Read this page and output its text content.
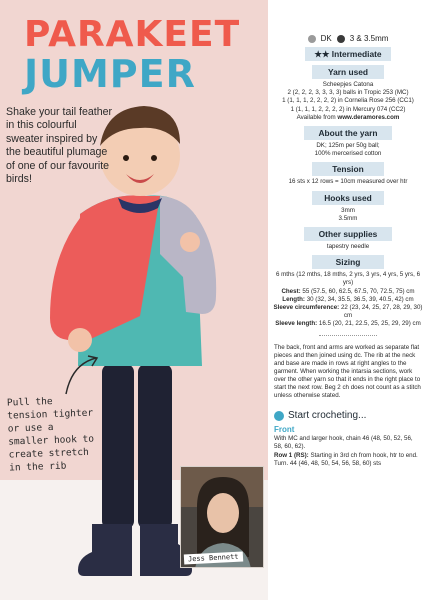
PARAKEET
JUMPER
Shake your tail feather in this colourful sweater inspired by the beautiful plumage of one of our favourite birds!
Pull the tension tighter or use a smaller hook to create stretch in the rib
Jess Bennett
DK 3 & 3.5mm
★★ Intermediate
Yarn used
Scheepjes Catona
2 (2, 2, 2, 3, 3, 3, 3) balls in Tropic 253 (MC)
1 (1, 1, 1, 2, 2, 2, 2) in Cornelia Rose 256 (CC1)
1 (1, 1, 1, 2, 2, 2, 2) in Mercury 074 (CC2)
Available from www.deramores.com
About the yarn
DK; 125m per 50g ball;
100% mercerised cotton
Tension
16 sts x 12 rows = 10cm measured over htr
Hooks used
3mm
3.5mm
Other supplies
tapestry needle
Sizing
6 mths (12 mths, 18 mths, 2 yrs, 3 yrs, 4 yrs, 5 yrs, 6 yrs)
Chest: 55 (57.5, 60, 62.5, 67.5, 70, 72.5, 75) cm
Length: 30 (32, 34, 35.5, 36.5, 39, 40.5, 42) cm
Sleeve circumference: 22 (23, 24, 25, 27, 28, 29, 30) cm
Sleeve length: 16.5 (20, 21, 22.5, 25, 25, 29, 29) cm
The back, front and arms are worked as separate flat pieces and then joined using dc. The rib at the neck and base are made in rows at right angles to the garment. When working the intarsia sections, work over the other yarn so that it ends in the right place to start the next row. Beg 2 ch does not count as a stitch unless otherwise stated.
Start crocheting...
Front
With MC and larger hook, chain 46 (48, 50, 52, 56, 58, 60, 62).
Row 1 (RS): Starting in 3rd ch from hook, htr to end. Turn. 44 (46, 48, 50, 54, 56, 58, 60) sts
